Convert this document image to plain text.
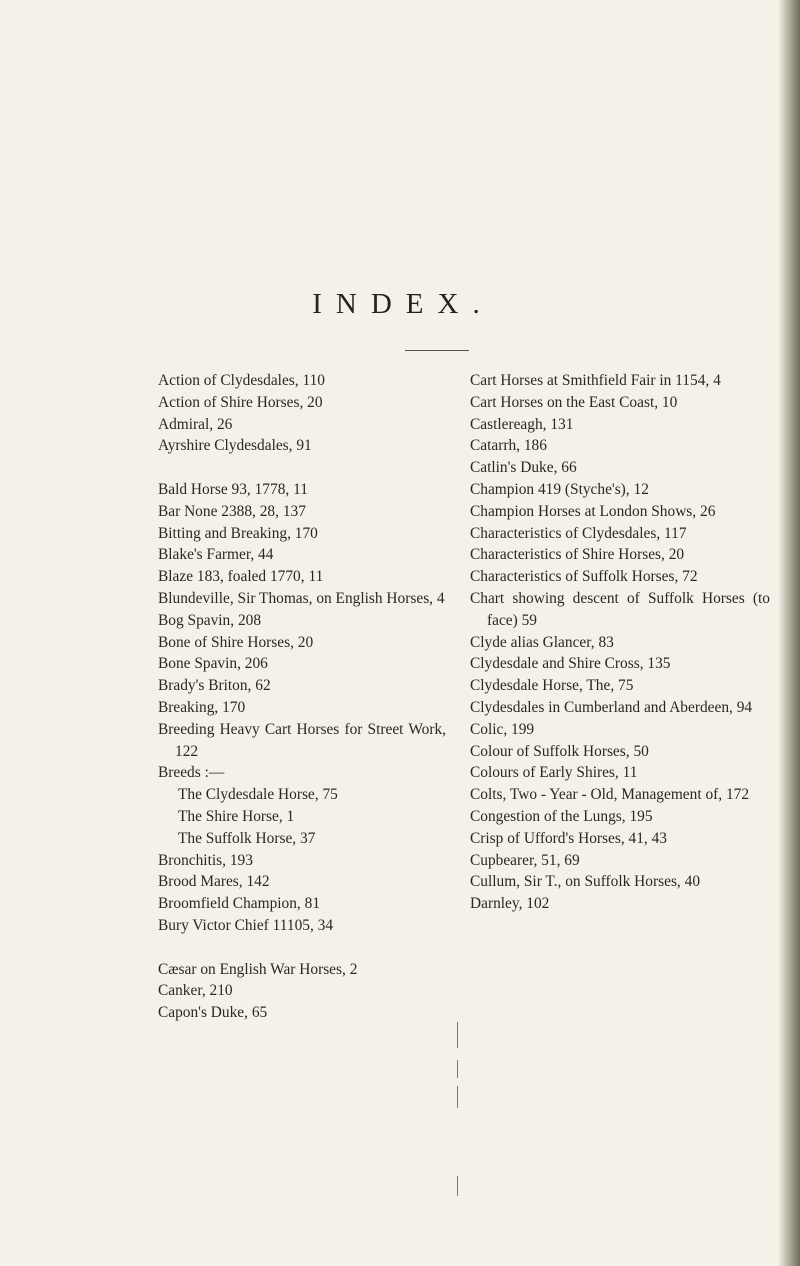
INDEX.

Action of Clydesdales, 110

Action of Shire Horses, 20

Admiral, 26

Ayrshire Clydesdales, 91

Bald Horse 93, 1778, 11

Bar None 2388, 28, 137

Bitting and Breaking, 170

Blake's Farmer, 44

Blaze 183, foaled 1770, 11

Blundeville, Sir Thomas, on English Horses, 4

Bog Spavin, 208

Bone of Shire Horses, 20

Bone Spavin, 206

Brady's Briton, 62

Breaking, 170

Breeding Heavy Cart Horses for Street Work, 122

Breeds :—

The Clydesdale Horse, 75

The Shire Horse, 1

The Suffolk Horse, 37

Bronchitis, 193

Brood Mares, 142

Broomfield Champion, 81

Bury Victor Chief 11105, 34

Cæsar on English War Horses, 2

Canker, 210

Capon's Duke, 65

Cart Horses at Smithfield Fair in 1154, 4

Cart Horses on the East Coast, 10

Castlereagh, 131

Catarrh, 186

Catlin's Duke, 66

Champion 419 (Styche's), 12

Champion Horses at London Shows, 26

Characteristics of Clydesdales, 117

Characteristics of Shire Horses, 20

Characteristics of Suffolk Horses, 72

Chart showing descent of Suffolk Horses (to face) 59

Clyde alias Glancer, 83

Clydesdale and Shire Cross, 135

Clydesdale Horse, The, 75

Clydesdales in Cumberland and Aberdeen, 94

Colic, 199

Colour of Suffolk Horses, 50

Colours of Early Shires, 11

Colts, Two - Year - Old, Management of, 172

Congestion of the Lungs, 195

Crisp of Ufford's Horses, 41, 43

Cupbearer, 51, 69

Cullum, Sir T., on Suffolk Horses, 40

Darnley, 102
